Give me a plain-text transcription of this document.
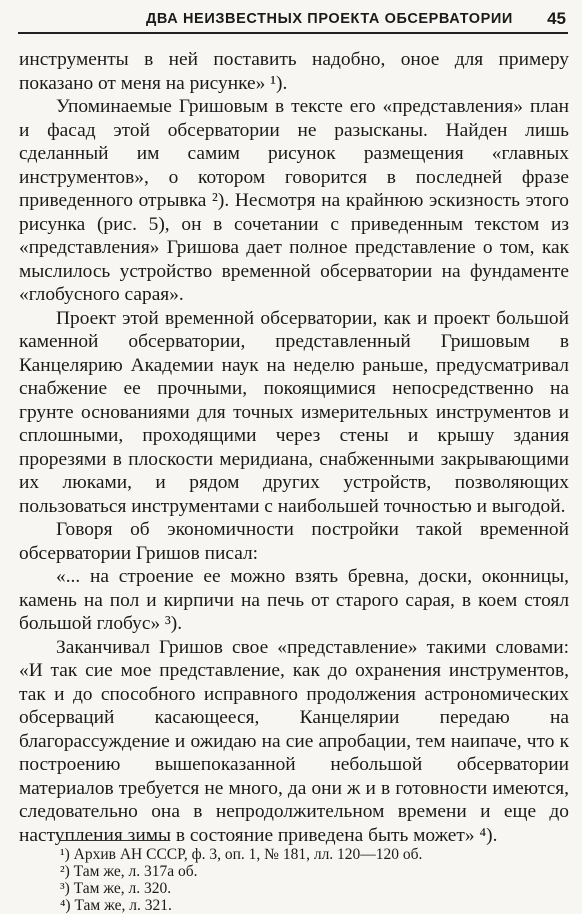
ДВА НЕИЗВЕСТНЫХ ПРОЕКТА ОБСЕРВАТОРИИ 45

инструменты в ней поставить надобно, оное для примеру показано от меня на рисунке» ¹).

Упоминаемые Гришовым в тексте его «представления» план и фасад этой обсерватории не разысканы. Найден лишь сделанный им самим рисунок размещения «главных инструментов», о котором говорится в последней фразе приведенного отрывка ²). Несмотря на крайнюю эскизность этого рисунка (рис. 5), он в сочетании с приведенным текстом из «представления» Гришова дает полное представление о том, как мыслилось устройство временной обсерватории на фундаменте «глобусного сарая».

Проект этой временной обсерватории, как и проект большой каменной обсерватории, представленный Гришовым в Канцелярию Академии наук на неделю раньше, предусматривал снабжение ее прочными, покоящимися непосредственно на грунте основаниями для точных измерительных инструментов и сплошными, проходящими через стены и крышу здания прорезями в плоскости меридиана, снабженными закрывающими их люками, и рядом других устройств, позволяющих пользоваться инструментами с наибольшей точностью и выгодой.

Говоря об экономичности постройки такой временной обсерватории Гришов писал:

«... на строение ее можно взять бревна, доски, оконницы, камень на пол и кирпичи на печь от старого сарая, в коем стоял большой глобус» ³).

Заканчивал Гришов свое «представление» такими словами: «И так сие мое представление, как до охранения инструментов, так и до способного исправного продолжения астрономических обсерваций касающееся, Канцелярии передаю на благорассуждение и ожидаю на сие апробации, тем наипаче, что к построению вышепоказанной небольшой обсерватории материалов требуется не много, да они ж и в готовности имеются, следовательно она в непродолжительном времени и еще до наступления зимы в состояние приведена быть может» ⁴).

¹) Архив АН СССР, ф. 3, оп. 1, № 181, лл. 120—120 об.
²) Там же, л. 317а об.
³) Там же, л. 320.
⁴) Там же, л. 321.
